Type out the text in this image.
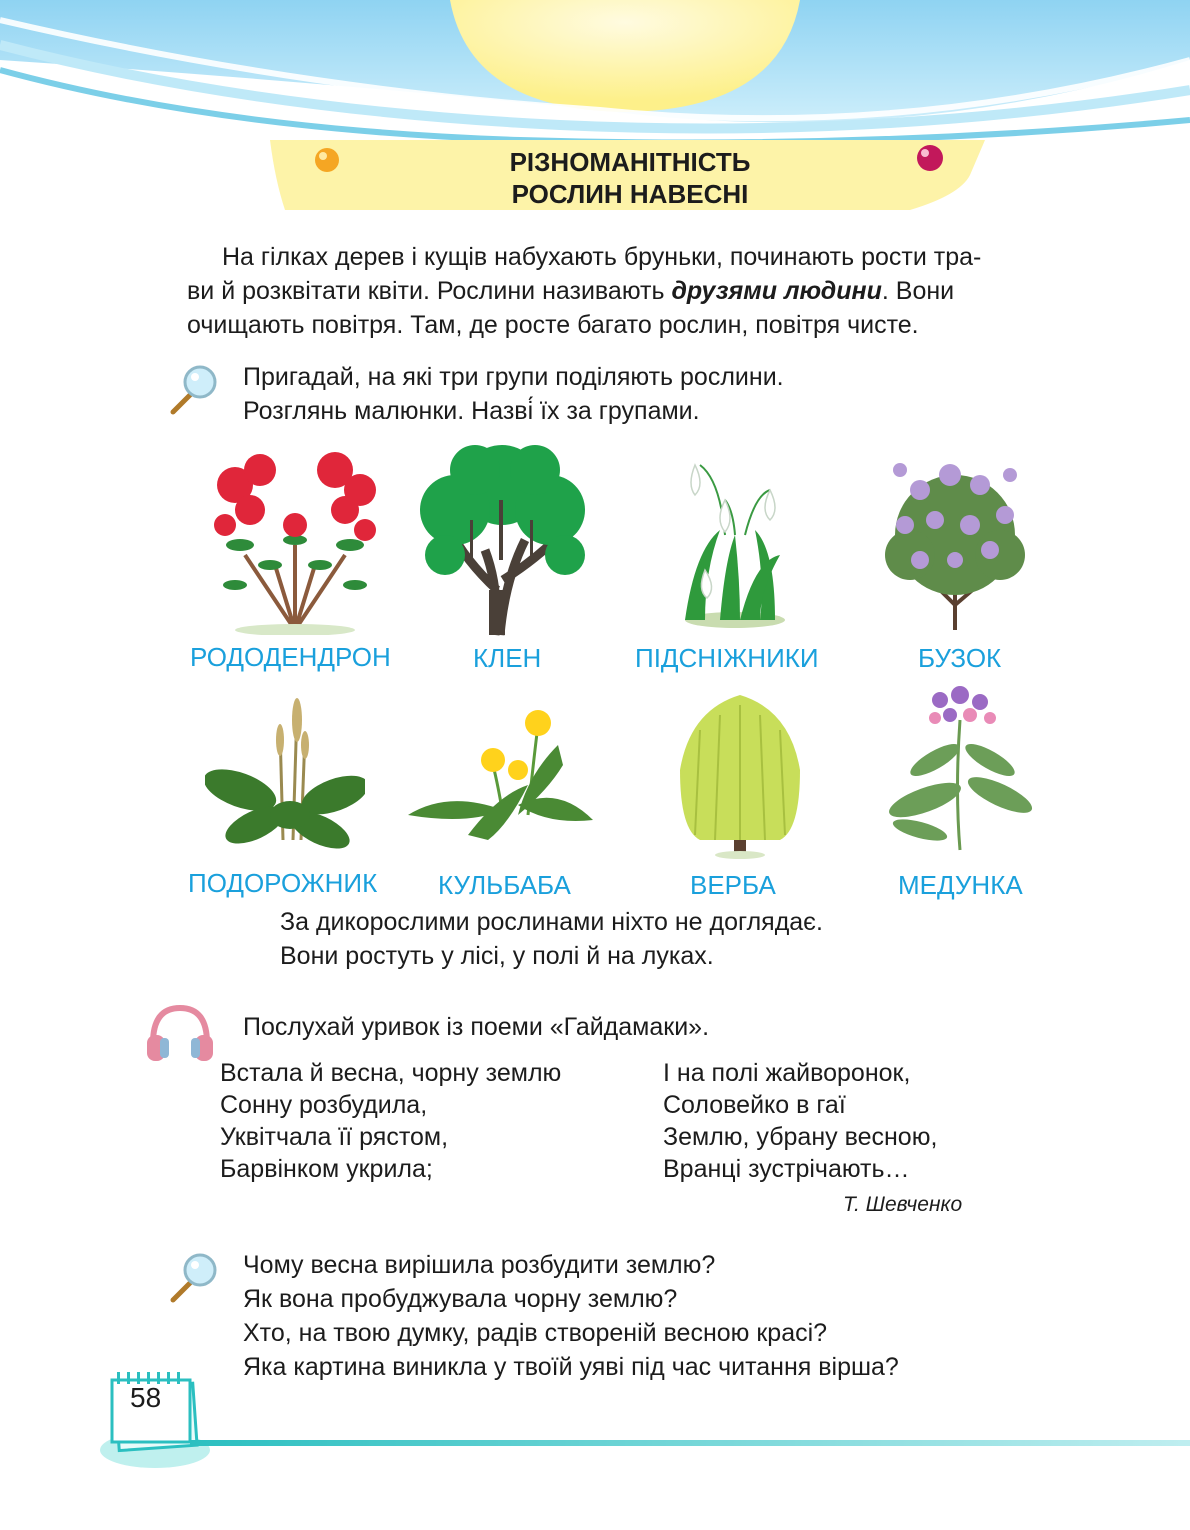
РІЗНОМАНІТНІСТЬ
РОСЛИН НАВЕСНІ
На гілках дерев і кущів набухають бруньки, починають рости тра-
ви й розквітати квіти. Рослини називають друзями людини. Вони
очищають повітря. Там, де росте багато рослин, повітря чисте.
Пригадай, на які три групи поділяють рослини.
Розглянь малюнки. Назві́ їх за групами.
РОДОДЕНДРОН	КЛЕН	ПІДСНІЖНИКИ	БУЗОК
ПОДОРОЖНИК КУЛЬБАБА	ВЕРБА	МЕДУНКА
За дикорослими рослинами ніхто не доглядає.
Вони ростуть у лісі, у полі й на луках.
Послухай уривок із поеми «Гайдамаки».
Встала й весна, чорну землю
Сонну розбудила,
Уквітчала її рястом,
Барвінком укрила;
І на полі жайворонок,
Соловейко в гаї
Землю, убрану весною,
Вранці зустрічають…
Т. Шевченко
Чому весна вирішила розбудити землю?
Як вона пробуджувала чорну землю?
Хто, на твою думку, радів створеній весною красі?
Яка картина виникла у твоїй уяві під час читання вірша?
58
